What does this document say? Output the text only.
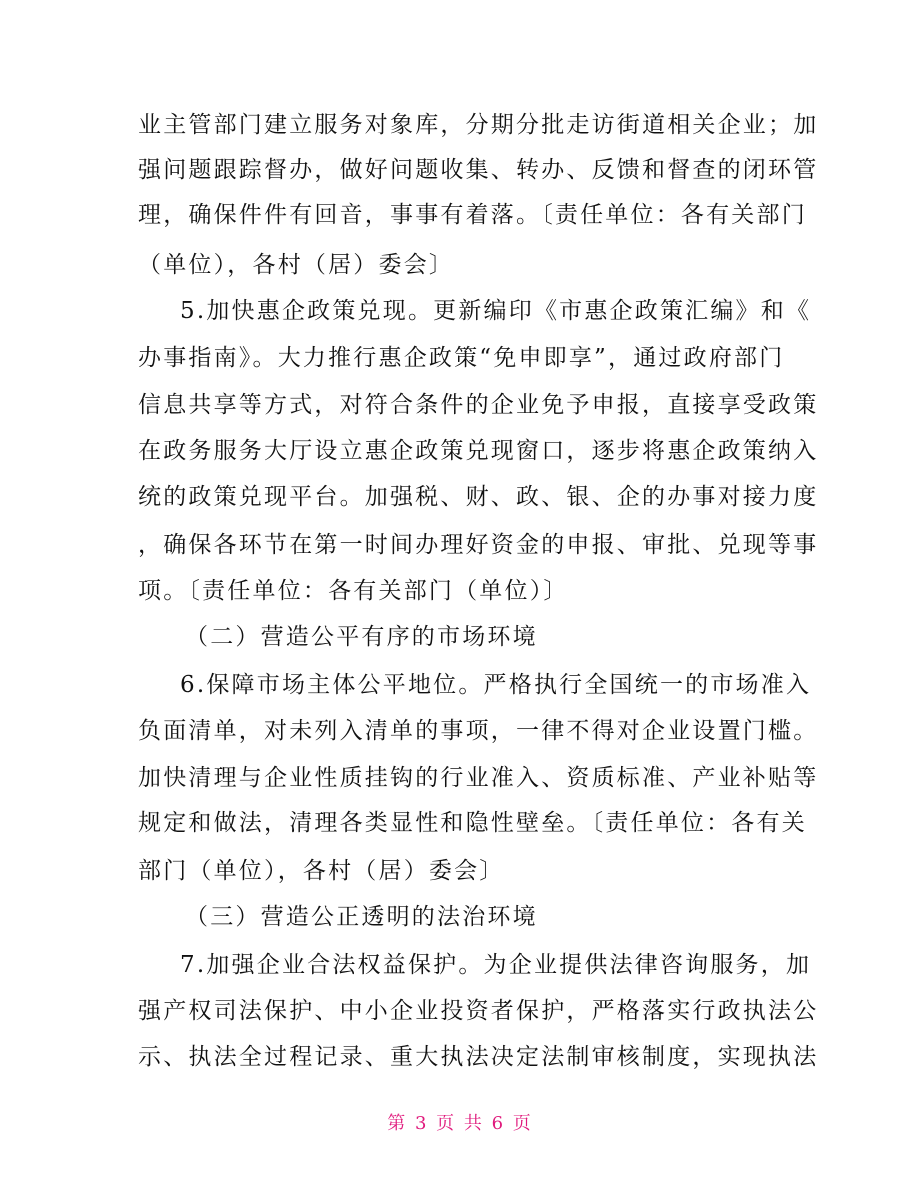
业主管部门建立服务对象库，分期分批走访街道相关企业；加
强问题跟踪督办，做好问题收集、转办、反馈和督查的闭环管
理，确保件件有回音，事事有着落。〔责任单位：各有关部门
（单位），各村（居）委会〕
5.加快惠企政策兑现。更新编印《市惠企政策汇编》和《
办事指南》。大力推行惠企政策“免申即享”，通过政府部门
信息共享等方式，对符合条件的企业免予申报，直接享受政策
在政务服务大厅设立惠企政策兑现窗口，逐步将惠企政策纳入
统的政策兑现平台。加强税、财、政、银、企的办事对接力度
，确保各环节在第一时间办理好资金的申报、审批、兑现等事
项。〔责任单位：各有关部门（单位）〕
（二）营造公平有序的市场环境
6.保障市场主体公平地位。严格执行全国统一的市场准入
负面清单，对未列入清单的事项，一律不得对企业设置门槛。
加快清理与企业性质挂钩的行业准入、资质标准、产业补贴等
规定和做法，清理各类显性和隐性壁垒。〔责任单位：各有关
部门（单位），各村（居）委会〕
（三）营造公正透明的法治环境
7.加强企业合法权益保护。为企业提供法律咨询服务，加
强产权司法保护、中小企业投资者保护，严格落实行政执法公
示、执法全过程记录、重大执法决定法制审核制度，实现执法
第 3 页 共 6 页
